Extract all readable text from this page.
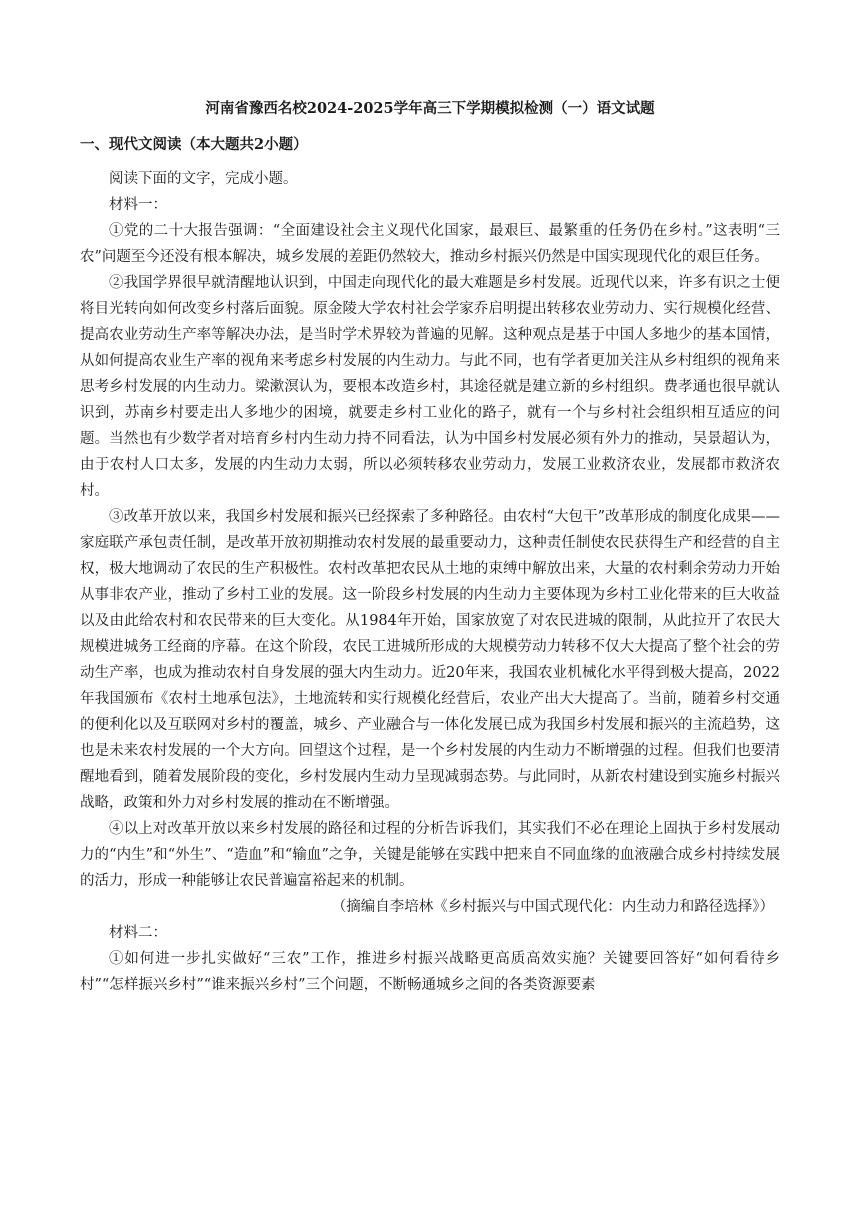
河南省豫西名校2024-2025学年高三下学期模拟检测（一）语文试题
一、现代文阅读（本大题共2小题）

阅读下面的文字，完成小题。

材料一：

①党的二十大报告强调：“全面建设社会主义现代化国家，最艰巨、最繁重的任务仍在乡村。”这表明“三农”问题至今还没有根本解决，城乡发展的差距仍然较大，推动乡村振兴仍然是中国实现现代化的艰巨任务。

②我国学界很早就清醒地认识到，中国走向现代化的最大难题是乡村发展。近现代以来，许多有识之士便将目光转向如何改变乡村落后面貌。原金陵大学农村社会学家乔启明提出转移农业劳动力、实行规模化经营、提高农业劳动生产率等解决办法，是当时学术界较为普遍的见解。这种观点是基于中国人多地少的基本国情，从如何提高农业生产率的视角来考虑乡村发展的内生动力。与此不同，也有学者更加关注从乡村组织的视角来思考乡村发展的内生动力。梁漱溟认为，要根本改造乡村，其途径就是建立新的乡村组织。费孝通也很早就认识到，苏南乡村要走出人多地少的困境，就要走乡村工业化的路子，就有一个与乡村社会组织相互适应的问题。当然也有少数学者对培育乡村内生动力持不同看法，认为中国乡村发展必须有外力的推动，吴景超认为，由于农村人口太多，发展的内生动力太弱，所以必须转移农业劳动力，发展工业救济农业，发展都市救济农村。

③改革开放以来，我国乡村发展和振兴已经探索了多种路径。由农村“大包干”改革形成的制度化成果——家庭联产承包责任制，是改革开放初期推动农村发展的最重要动力，这种责任制使农民获得生产和经营的自主权，极大地调动了农民的生产积极性。农村改革把农民从土地的束缚中解放出来，大量的农村剩余劳动力开始从事非农产业，推动了乡村工业的发展。这一阶段乡村发展的内生动力主要体现为乡村工业化带来的巨大收益以及由此给农村和农民带来的巨大变化。从1984年开始，国家放宽了对农民进城的限制，从此拉开了农民大规模进城务工经商的序幕。在这个阶段，农民工进城所形成的大规模劳动力转移不仅大大提高了整个社会的劳动生产率，也成为推动农村自身发展的强大内生动力。近20年来，我国农业机械化水平得到极大提高，2022年我国颁布《农村土地承包法》，土地流转和实行规模化经营后，农业产出大大提高了。当前，随着乡村交通的便利化以及互联网对乡村的覆盖，城乡、产业融合与一体化发展已成为我国乡村发展和振兴的主流趋势，这也是未来农村发展的一个大方向。回望这个过程，是一个乡村发展的内生动力不断增强的过程。但我们也要清醒地看到，随着发展阶段的变化，乡村发展内生动力呈现减弱态势。与此同时，从新农村建设到实施乡村振兴战略，政策和外力对乡村发展的推动在不断增强。

④以上对改革开放以来乡村发展的路径和过程的分析告诉我们，其实我们不必在理论上固执于乡村发展动力的“内生”和“外生”、“造血”和“输血”之争，关键是能够在实践中把来自不同血缘的血液融合成乡村持续发展的活力，形成一种能够让农民普遍富裕起来的机制。

（摘编自李培林《乡村振兴与中国式现代化：内生动力和路径选择》）

材料二：

①如何进一步扎实做好“三农”工作，推进乡村振兴战略更高质高效实施？关键要回答好“如何看待乡村”“怎样振兴乡村”“谁来振兴乡村”三个问题，不断畅通城乡之间的各类资源要素
